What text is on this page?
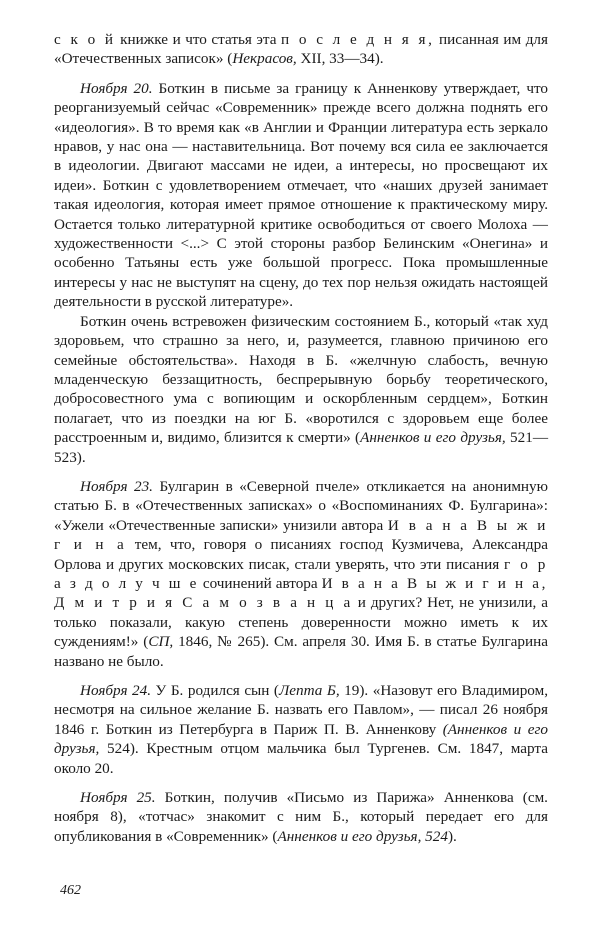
с к о й книжке и что статья эта п о с л е д н я я, писанная им для «Отечественных записок» (Некрасов, XII, 33—34).

Ноября 20. Боткин в письме за границу к Анненкову утверждает, что реорганизуемый сейчас «Современник» прежде всего должна поднять его «идеология». В то время как «в Англии и Франции литература есть зеркало нравов, у нас она — наставительница. Вот почему вся сила ее заключается в идеологии. Двигают массами не идеи, а интересы, но просвещают их идеи». Боткин с удовлетворением отмечает, что «наших друзей занимает такая идеология, которая имеет прямое отношение к практическому миру. Остается только литературной критике освободиться от своего Молоха — художественности <...> С этой стороны разбор Белинским «Онегина» и особенно Татьяны есть уже большой прогресс. Пока промышленные интересы у нас не выступят на сцену, до тех пор нельзя ожидать настоящей деятельности в русской литературе».

Боткин очень встревожен физическим состоянием Б., который «так худ здоровьем, что страшно за него, и, разумеется, главною причиною его семейные обстоятельства». Находя в Б. «желчную слабость, вечную младенческую беззащитность, беспрерывную борьбу теоретического, добросовестного ума с вопиющим и оскорбленным сердцем», Боткин полагает, что из поездки на юг Б. «воротился с здоровьем еще более расстроенным и, видимо, близится к смерти» (Анненков и его друзья, 521—523).

Ноября 23. Булгарин в «Северной пчеле» откликается на анонимную статью Б. в «Отечественных записках» о «Воспоминаниях Ф. Булгарина»: «Ужели «Отечественные записки» унизили автора И в а н а В ы ж и г и н а тем, что, говоря о писаниях господ Кузмичева, Александра Орлова и других московских писак, стали уверять, что эти писания г о р а з д о л у ч ш е сочинений автора И в а н а В ы ж и г и н а, Д м и т р и я С а м о з в а н ц а и других? Нет, не унизили, а только показали, какую степень доверенности можно иметь к их суждениям!» (СП, 1846, № 265). См. апреля 30. Имя Б. в статье Булгарина названо не было.

Ноября 24. У Б. родился сын (Лепта Б, 19). «Назовут его Владимиром, несмотря на сильное желание Б. назвать его Павлом», — писал 26 ноября 1846 г. Боткин из Петербурга в Париж П. В. Анненкову (Анненков и его друзья, 524). Крестным отцом мальчика был Тургенев. См. 1847, марта около 20.

Ноября 25. Боткин, получив «Письмо из Парижа» Анненкова (см. ноября 8), «тотчас» знакомит с ним Б., который передает его для опубликования в «Современник» (Анненков и его друзья, 524).

462
